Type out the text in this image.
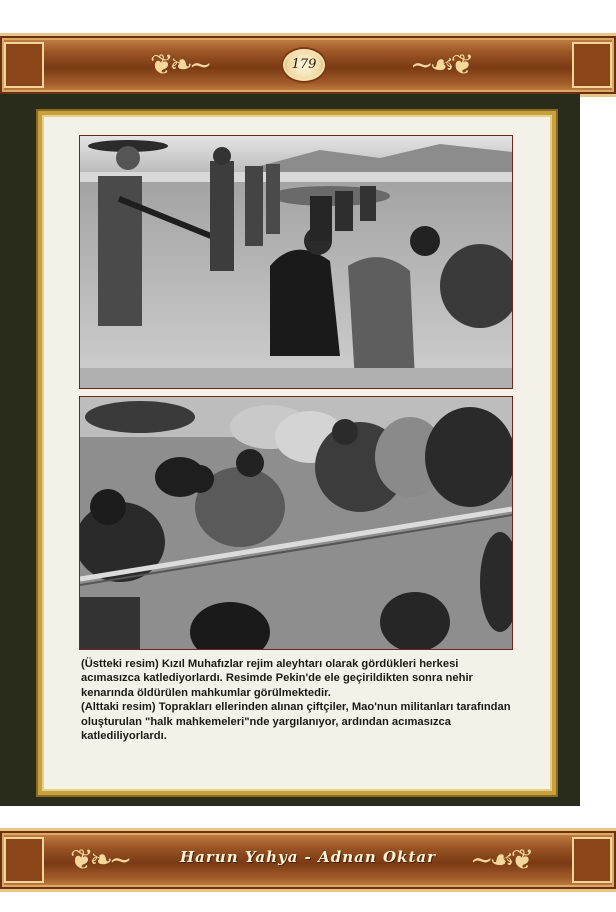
❦❧~	~☙❦
179

(Üstteki resim) Kızıl Muhafızlar rejim aleyhtarı olarak gördükleri herkesi acımasızca katlediyorlardı. Resimde Pekin'de ele geçirildikten sonra nehir kenarında öldürülen mahkumlar görülmektedir.

(Alttaki resim) Toprakları ellerinden alınan çiftçiler, Mao'nun militanları tarafından oluşturulan "halk mahkemeleri"nde yargılanıyor, ardından acımasızca katlediliyorlardı.

❦❧~	~☙❦
Harun Yahya - Adnan Oktar
